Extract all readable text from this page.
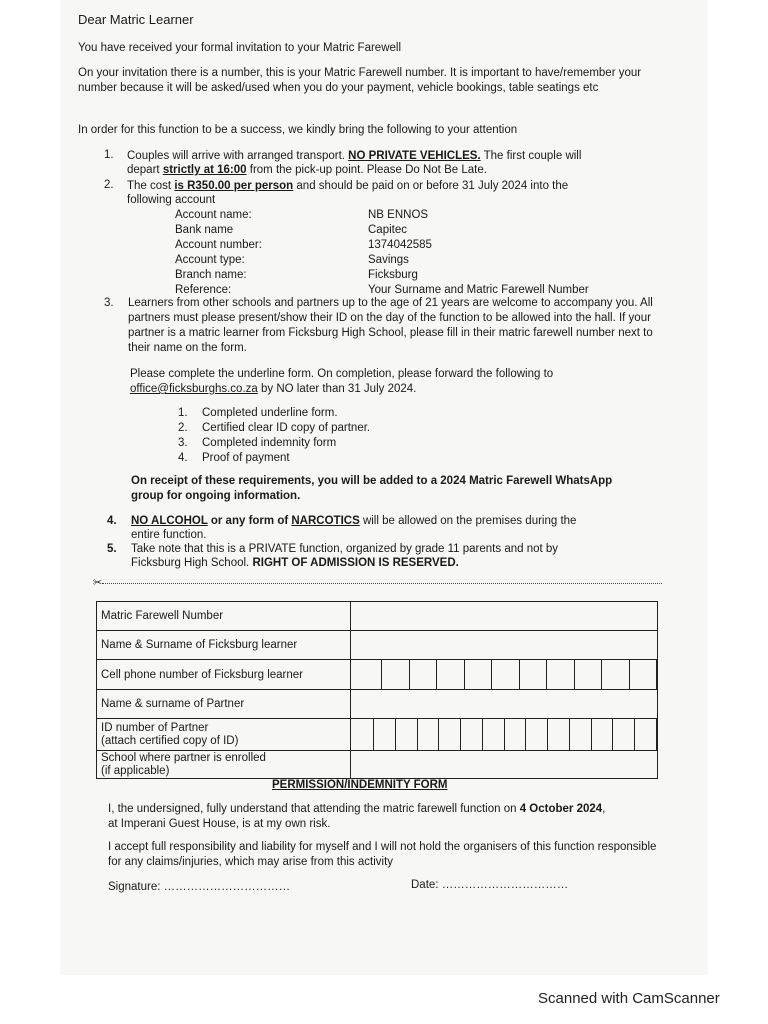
Dear Matric Learner
You have received your formal invitation to your Matric Farewell
On your invitation there is a number, this is your Matric Farewell number. It is important to have/remember your number because it will be asked/used when you do your payment, vehicle bookings, table seatings etc
In order for this function to be a success, we kindly bring the following to your attention
1. Couples will arrive with arranged transport. NO PRIVATE VEHICLES. The first couple will
depart strictly at 16:00 from the pick-up point. Please Do Not Be Late.
2. The cost is R350.00 per person and should be paid on or before 31 July 2024 into the
following account
Account name:	NB ENNOS
Bank name	Capitec
Account number:	1374042585
Account type:	Savings
Branch name:	Ficksburg
Reference:	Your Surname and Matric Farewell Number
3. Learners from other schools and partners up to the age of 21 years are welcome to accompany you. All partners must please present/show their ID on the day of the function to be allowed into the hall. If your partner is a matric learner from Ficksburg High School, please fill in their matric farewell number next to their name on the form.
Please complete the underline form. On completion, please forward the following to
office@ficksburghs.co.za by NO later than 31 July 2024.
1. Completed underline form.
2. Certified clear ID copy of partner.
3. Completed indemnity form
4. Proof of payment
On receipt of these requirements, you will be added to a 2024 Matric Farewell WhatsApp group for ongoing information.
4. NO ALCOHOL or any form of NARCOTICS will be allowed on the premises during the
entire function.
5. Take note that this is a PRIVATE function, organized by grade 11 parents and not by
Ficksburg High School. RIGHT OF ADMISSION IS RESERVED.
✂
Matric Farewell Number	
Name & Surname of Ficksburg learner	
Cell phone number of Ficksburg learner	

Name & surname of Partner	

ID number of Partner
(attach certified copy of ID)	

School where partner is enrolled
(if applicable)	

PERMISSION/INDEMNITY FORM
I, the undersigned, fully understand that attending the matric farewell function on 4 October 2024,
at Imperani Guest House, is at my own risk.
I accept full responsibility and liability for myself and I will not hold the organisers of this function responsible for any claims/injuries, which may arise from this activity
Signature: ……………………………	Date: ……………………………
Scanned with CamScanner
